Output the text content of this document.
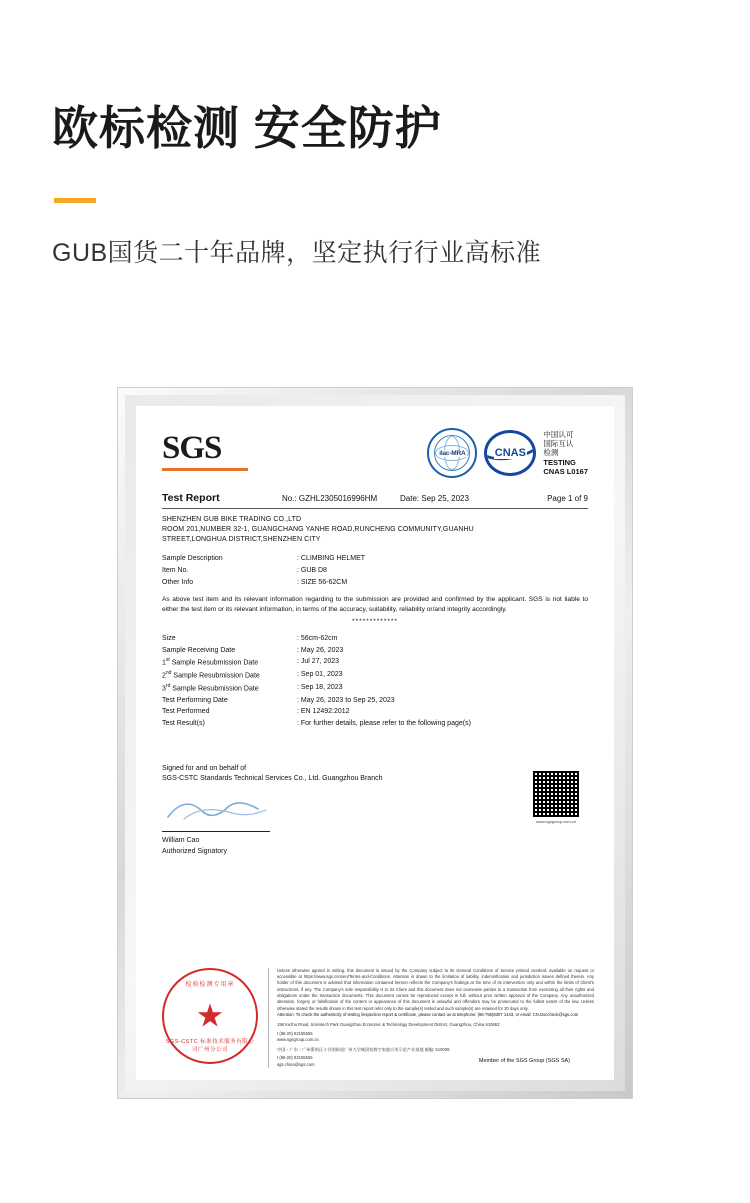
欧标检测 安全防护
GUB国货二十年品牌，坚定执行行业高标准
SGS	ilac-MRA	CNAS
中国认可
国际互认
检测
TESTING
CNAS L0167
Test Report	No.: GZHL2305016996HM	Date: Sep 25, 2023	Page 1 of 9
SHENZHEN GUB BIKE TRADING CO.,LTD
ROOM 201,NUMBER 32-1, GUANGCHANG YANHE ROAD,RUNCHENG COMMUNITY,GUANHU
STREET,LONGHUA DISTRICT,SHENZHEN CITY
Sample Description	: CLIMBING HELMET
Item No.	: GUB D8
Other Info	: SIZE 56-62CM
As above test item and its relevant information regarding to the submission are provided and confirmed by the applicant. SGS is not liable to either the test item or its relevant information, in terms of the accuracy, suitability, reliability or/and integrity accordingly.
*************
Size	: 56cm-62cm
Sample Receiving Date	: May 26, 2023
1st Sample Resubmission Date	: Jul 27, 2023
2nd Sample Resubmission Date	: Sep 01, 2023
3rd Sample Resubmission Date	: Sep 18, 2023
Test Performing Date	: May 26, 2023 to Sep 25, 2023
Test Performed	: EN 12492:2012
Test Result(s)	: For further details, please refer to the following page(s)
Signed for and on behalf of
SGS-CSTC Standards Technical Services Co., Ltd. Guangzhou Branch
William Cao
Authorized Signatory
www.sgsgroup.com.cn
检验检测专用章
★
SGS-CSTC 标准技术服务有限公司广州分公司
Unless otherwise agreed in writing, this document is issued by the Company subject to its General Conditions of Service printed overleaf, available on request or accessible at https://www.sgs.com/en/Terms-and-Conditions. Attention is drawn to the limitation of liability, indemnification and jurisdiction issues defined therein. Any holder of this document is advised that information contained hereon reflects the Company's findings at the time of its intervention only and within the limits of Client's instructions, if any. The Company's sole responsibility is to its Client and this document does not exonerate parties to a transaction from exercising all their rights and obligations under the transaction documents. This document cannot be reproduced except in full, without prior written approval of the Company. Any unauthorized alteration, forgery or falsification of the content or appearance of this document is unlawful and offenders may be prosecuted to the fullest extent of the law. Unless otherwise stated the results shown in this test report refer only to the sample(s) tested and such sample(s) are retained for 30 days only.
Attention: To check the authenticity of testing /inspection report & certificate, please contact us at telephone: (86-755)8307 1443, or email: CN.Doccheck@sgs.com
198 Kezhu Road, Scientech Park Guangzhou Economic & Technology Development District, Guangzhou, China 510663
t (86-20) 82155555
www.sgsgroup.com.cn
中国・广东・广州番禺区小谷围街道广州大学城国家数字家庭应用示范产业基地 邮编: 510006
t (86-20) 82155555
sgs.china@sgs.com
Member of the SGS Group (SGS SA)
